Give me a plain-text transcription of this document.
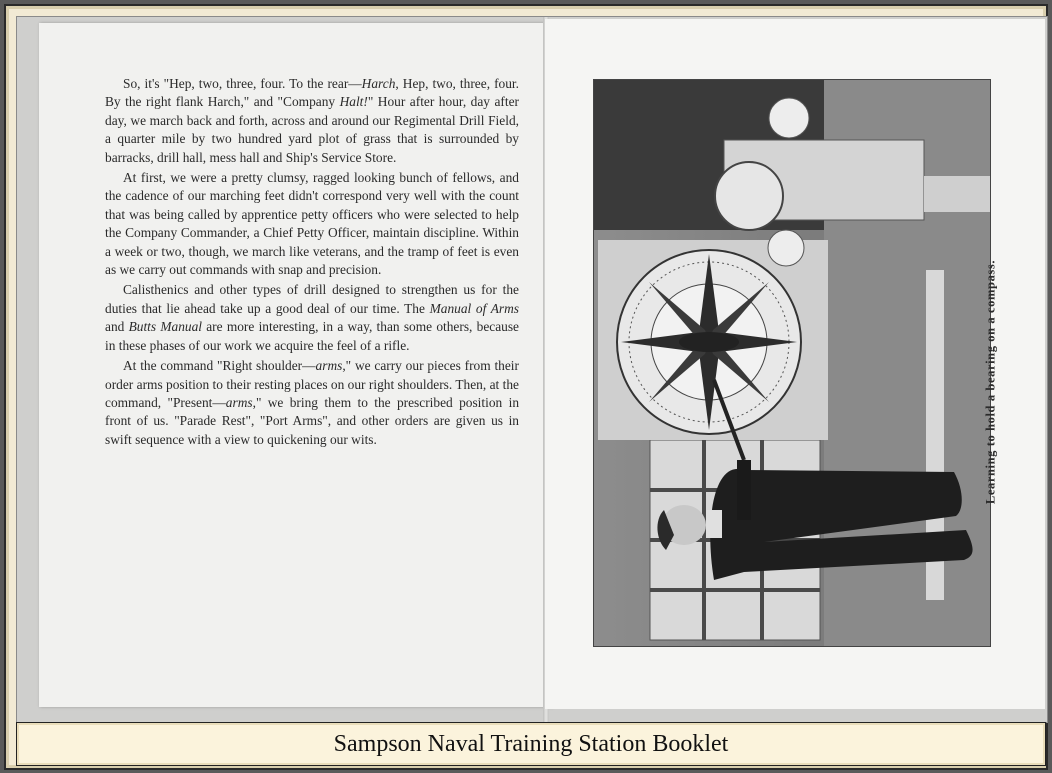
So, it's "Hep, two, three, four. To the rear—Harch, Hep, two, three, four. By the right flank Harch," and "Company Halt!" Hour after hour, day after day, we march back and forth, across and around our Regimental Drill Field, a quarter mile by two hundred yard plot of grass that is surrounded by barracks, drill hall, mess hall and Ship's Service Store.

At first, we were a pretty clumsy, ragged looking bunch of fellows, and the cadence of our marching feet didn't correspond very well with the count that was being called by apprentice petty officers who were selected to help the Company Commander, a Chief Petty Officer, maintain discipline. Within a week or two, though, we march like veterans, and the tramp of feet is even as we carry out commands with snap and precision.

Calisthenics and other types of drill designed to strengthen us for the duties that lie ahead take up a good deal of our time. The Manual of Arms and Butts Manual are more interesting, in a way, than some others, because in these phases of our work we acquire the feel of a rifle.

At the command "Right shoulder—arms," we carry our pieces from their order arms position to their resting places on our right shoulders. Then, at the command, "Present—arms," we bring them to the prescribed position in front of us. "Parade Rest", "Port Arms", and other orders are given us in swift sequence with a view to quickening our wits.	Learning to hold a bearing on a compass.
Sampson Naval Training Station Booklet
